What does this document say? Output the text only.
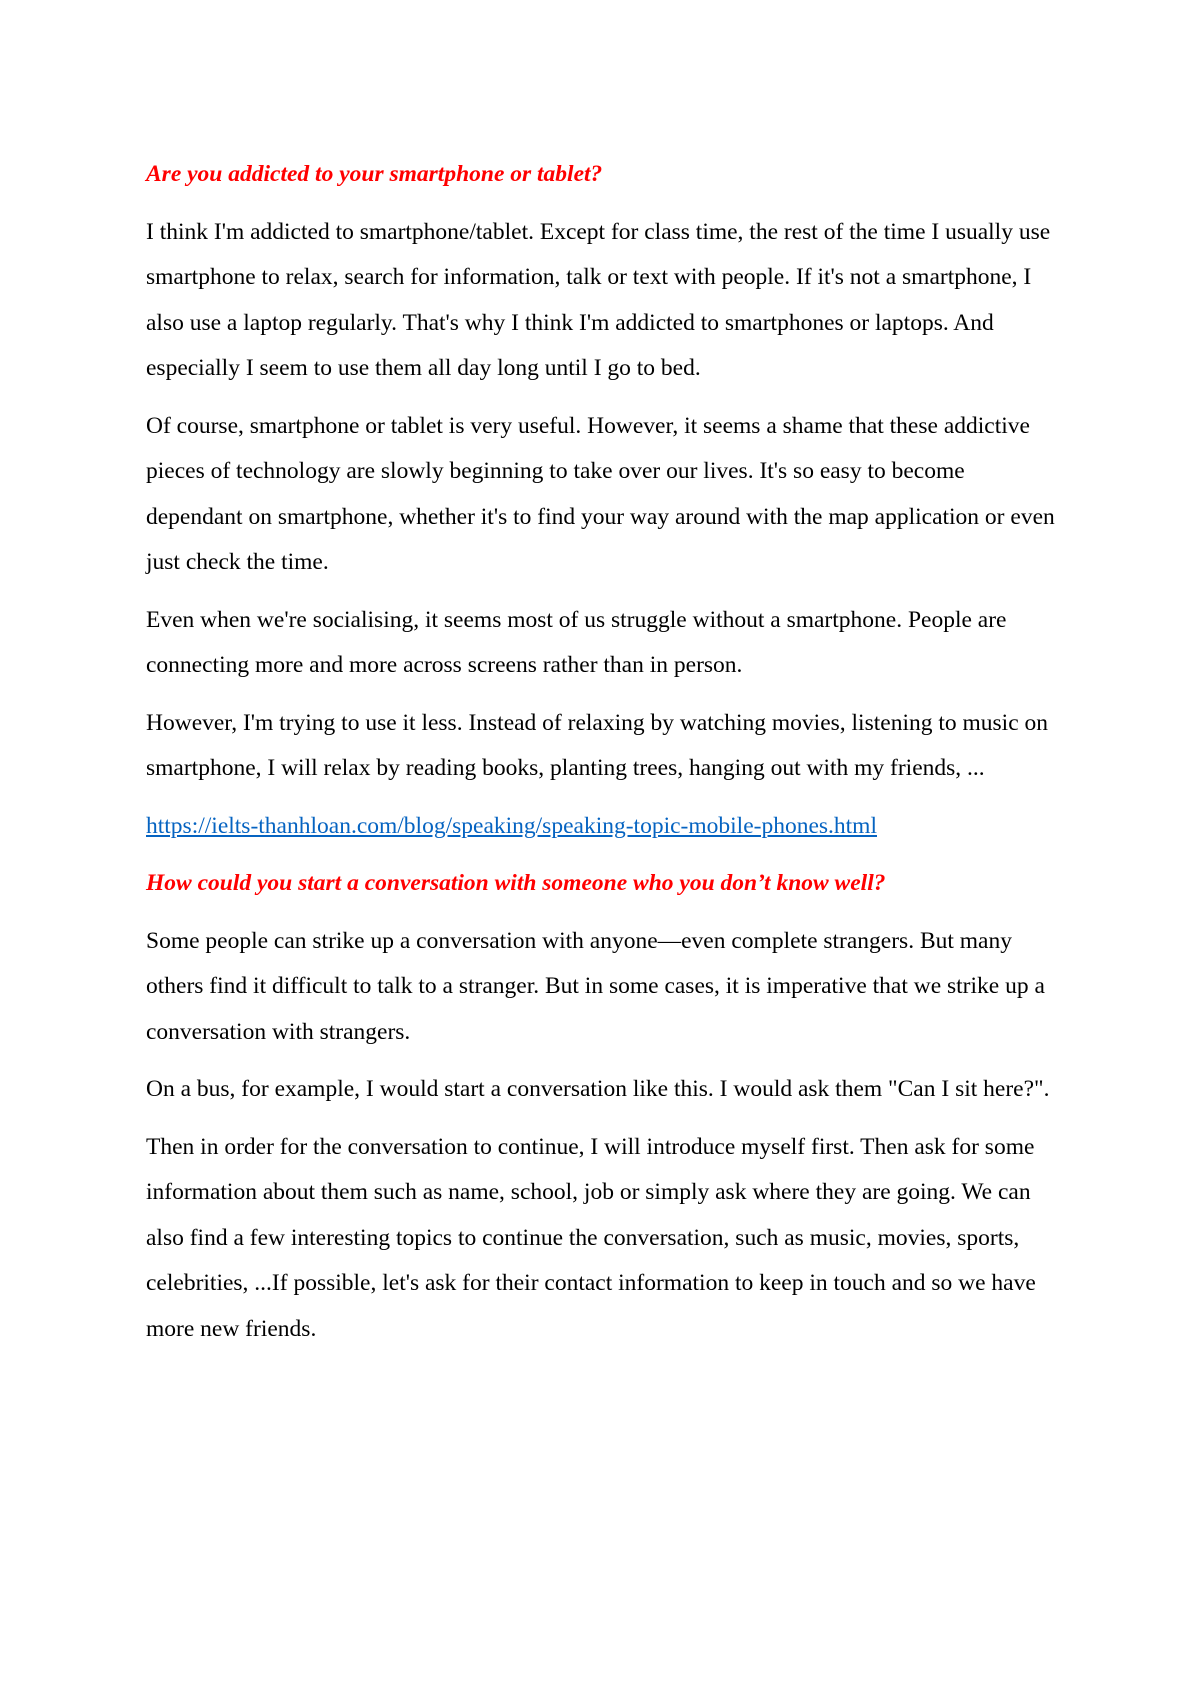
Are you addicted to your smartphone or tablet?

I think I'm addicted to smartphone/tablet. Except for class time, the rest of the time I usually use smartphone to relax, search for information, talk or text with people. If it's not a smartphone, I also use a laptop regularly. That's why I think I'm addicted to smartphones or laptops. And especially I seem to use them all day long until I go to bed.

Of course, smartphone or tablet is very useful. However, it seems a shame that these addictive pieces of technology are slowly beginning to take over our lives. It's so easy to become dependant on smartphone, whether it's to find your way around with the map application or even just check the time.

Even when we're socialising, it seems most of us struggle without a smartphone. People are connecting more and more across screens rather than in person.

However, I'm trying to use it less. Instead of relaxing by watching movies, listening to music on smartphone, I will relax by reading books, planting trees, hanging out with my friends, ...

https://ielts-thanhloan.com/blog/speaking/speaking-topic-mobile-phones.html

How could you start a conversation with someone who you don’t know well?

Some people can strike up a conversation with anyone—even complete strangers. But many others find it difficult to talk to a stranger. But in some cases, it is imperative that we strike up a conversation with strangers.

On a bus, for example, I would start a conversation like this. I would ask them "Can I sit here?".

Then in order for the conversation to continue, I will introduce myself first. Then ask for some information about them such as name, school, job or simply ask where they are going. We can also find a few interesting topics to continue the conversation, such as music, movies, sports, celebrities, ...If possible, let's ask for their contact information to keep in touch and so we have more new friends.
